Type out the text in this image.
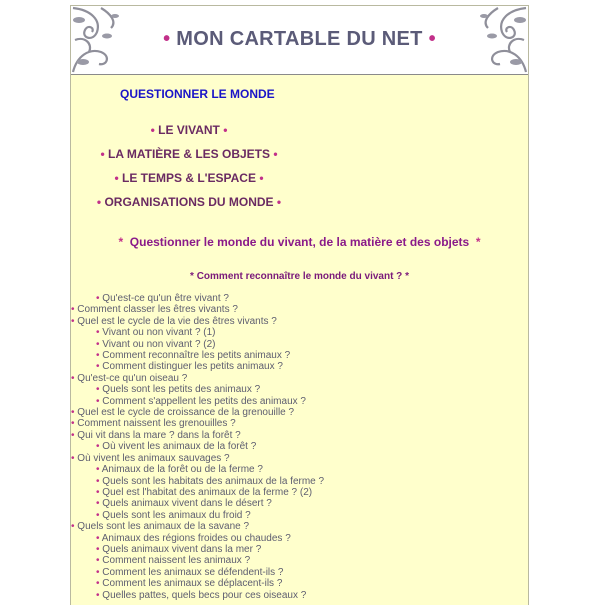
• MON CARTABLE DU NET •
QUESTIONNER LE MONDE
• LE VIVANT •
• LA MATIÈRE & LES OBJETS •
• LE TEMPS & L'ESPACE •
• ORGANISATIONS DU MONDE •
* Questionner le monde du vivant, de la matière et des objets *
* Comment reconnaître le monde du vivant ? *
• Qu'est-ce qu'un être vivant ?
• Comment classer les êtres vivants ?
• Quel est le cycle de la vie des êtres vivants ?
• Vivant ou non vivant ? (1)
• Vivant ou non vivant ? (2)
• Comment reconnaître les petits animaux ?
• Comment distinguer les petits animaux ?
• Qu'est-ce qu'un oiseau ?
• Quels sont les petits des animaux ?
• Comment s'appellent les petits des animaux ?
• Quel est le cycle de croissance de la grenouille ?
• Comment naissent les grenouilles ?
• Qui vit dans la mare ? dans la forêt ?
• Où vivent les animaux de la forêt ?
• Où vivent les animaux sauvages ?
• Animaux de la forêt ou de la ferme ?
• Quels sont les habitats des animaux de la ferme ?
• Quel est l'habitat des animaux de la ferme ? (2)
• Quels animaux vivent dans le désert ?
• Quels sont les animaux du froid ?
• Quels sont les animaux de la savane ?
• Animaux des régions froides ou chaudes ?
• Quels animaux vivent dans la mer ?
• Comment naissent les animaux ?
• Comment les animaux se défendent-ils ?
• Comment les animaux se déplacent-ils ?
• Quelles pattes, quels becs pour ces oiseaux ?
